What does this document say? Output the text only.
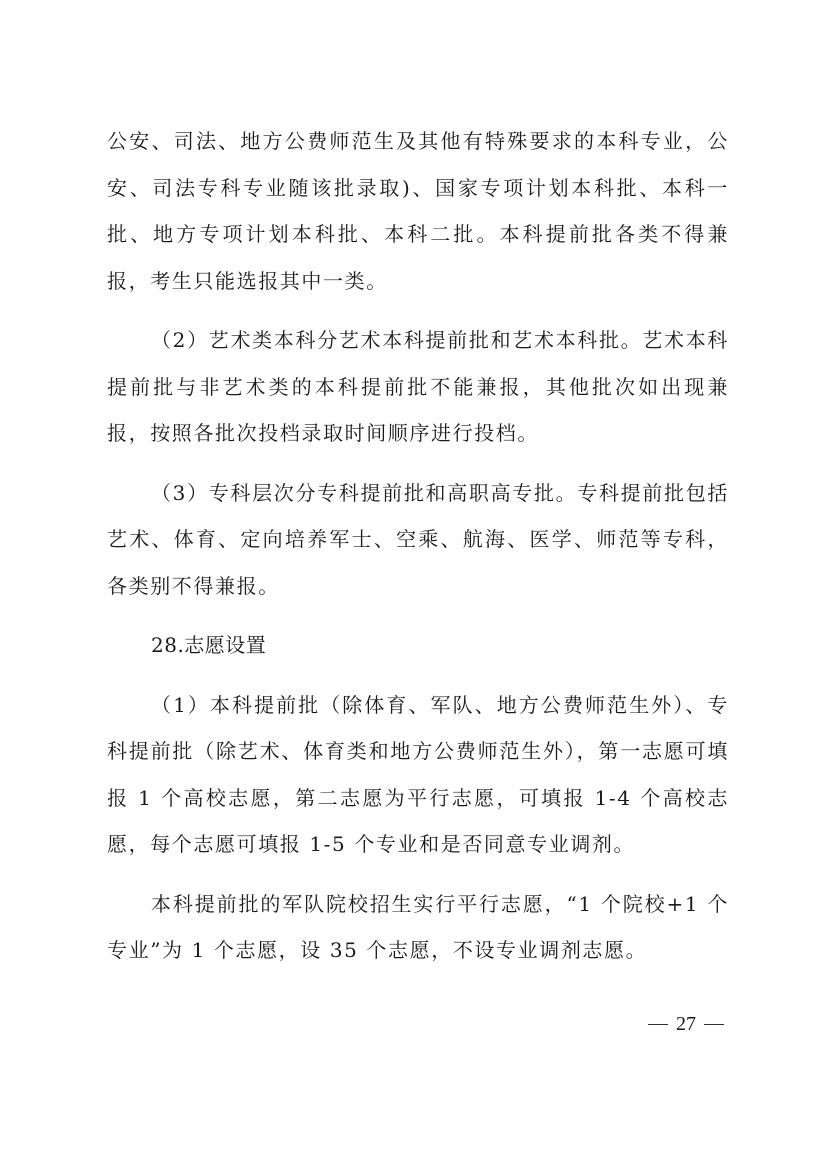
公安、司法、地方公费师范生及其他有特殊要求的本科专业，公安、司法专科专业随该批录取)、国家专项计划本科批、本科一批、地方专项计划本科批、本科二批。本科提前批各类不得兼报，考生只能选报其中一类。

（2）艺术类本科分艺术本科提前批和艺术本科批。艺术本科提前批与非艺术类的本科提前批不能兼报，其他批次如出现兼报，按照各批次投档录取时间顺序进行投档。

（3）专科层次分专科提前批和高职高专批。专科提前批包括艺术、体育、定向培养军士、空乘、航海、医学、师范等专科，各类别不得兼报。

28.志愿设置

（1）本科提前批（除体育、军队、地方公费师范生外）、专科提前批（除艺术、体育类和地方公费师范生外），第一志愿可填报 1 个高校志愿，第二志愿为平行志愿，可填报 1-4 个高校志愿，每个志愿可填报 1-5 个专业和是否同意专业调剂。

本科提前批的军队院校招生实行平行志愿，“1 个院校+1 个专业”为 1 个志愿，设 35 个志愿，不设专业调剂志愿。

27
